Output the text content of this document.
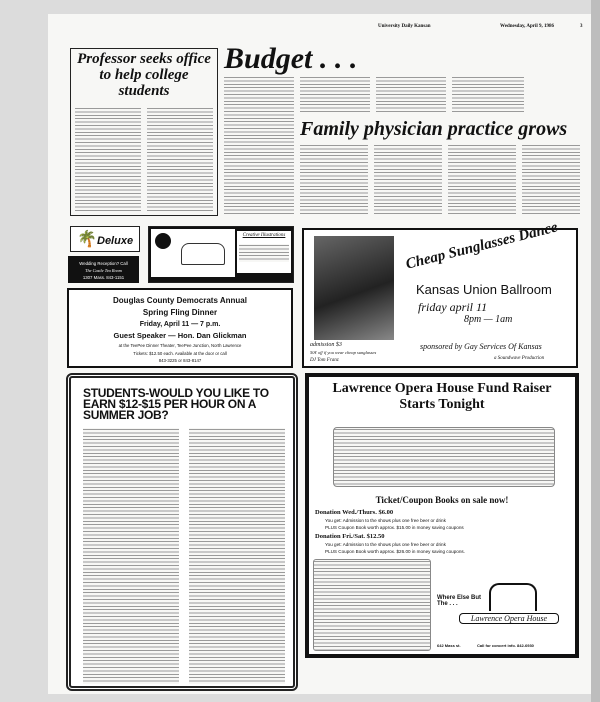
University Daily Kansan	Wednesday, April 9, 1986	3
Professor seeks office to help college students
Budget . . .
Family physician practice grows
Deluxe
🌴
Wedding Reception? Call
The Castle Tea Room
1307 Mass. 843-1151
Creative Illustrations
Douglas County Democrats Annual
Spring Fling Dinner
Friday, April 11 — 7 p.m.
Guest Speaker — Hon. Dan Glickman
at the TeePee Dinner Theater, TeePee Junction, North Lawrence
Tickets: $12.50 each. Available at the door or call
843-3225 or 843-8147
Cheap Sunglasses Dance
Kansas Union Ballroom
friday april 11
8pm — 1am
admission $3
50¢ off if you wear cheap sunglasses
DJ Tom Franz
sponsored by Gay Services Of Kansas
a Soundwave Production
STUDENTS-WOULD YOU LIKE TO EARN $12-$15 PER HOUR ON A SUMMER JOB?
Lawrence Opera House Fund Raiser Starts Tonight
Ticket/Coupon Books on sale now!
Donation Wed./Thurs. $6.00
You get: Admission to the shows plus one free beer or drink
PLUS Coupon Book worth approx. $15.00 in money saving coupons
Donation Fri./Sat. $12.50
You get: Admission to the shows plus one free beer or drink
PLUS Coupon Book worth approx. $26.00 in money saving coupons.
Where Else But The . . .
Lawrence Opera House
642 Mass st.	Call for concert info. 842-6930
